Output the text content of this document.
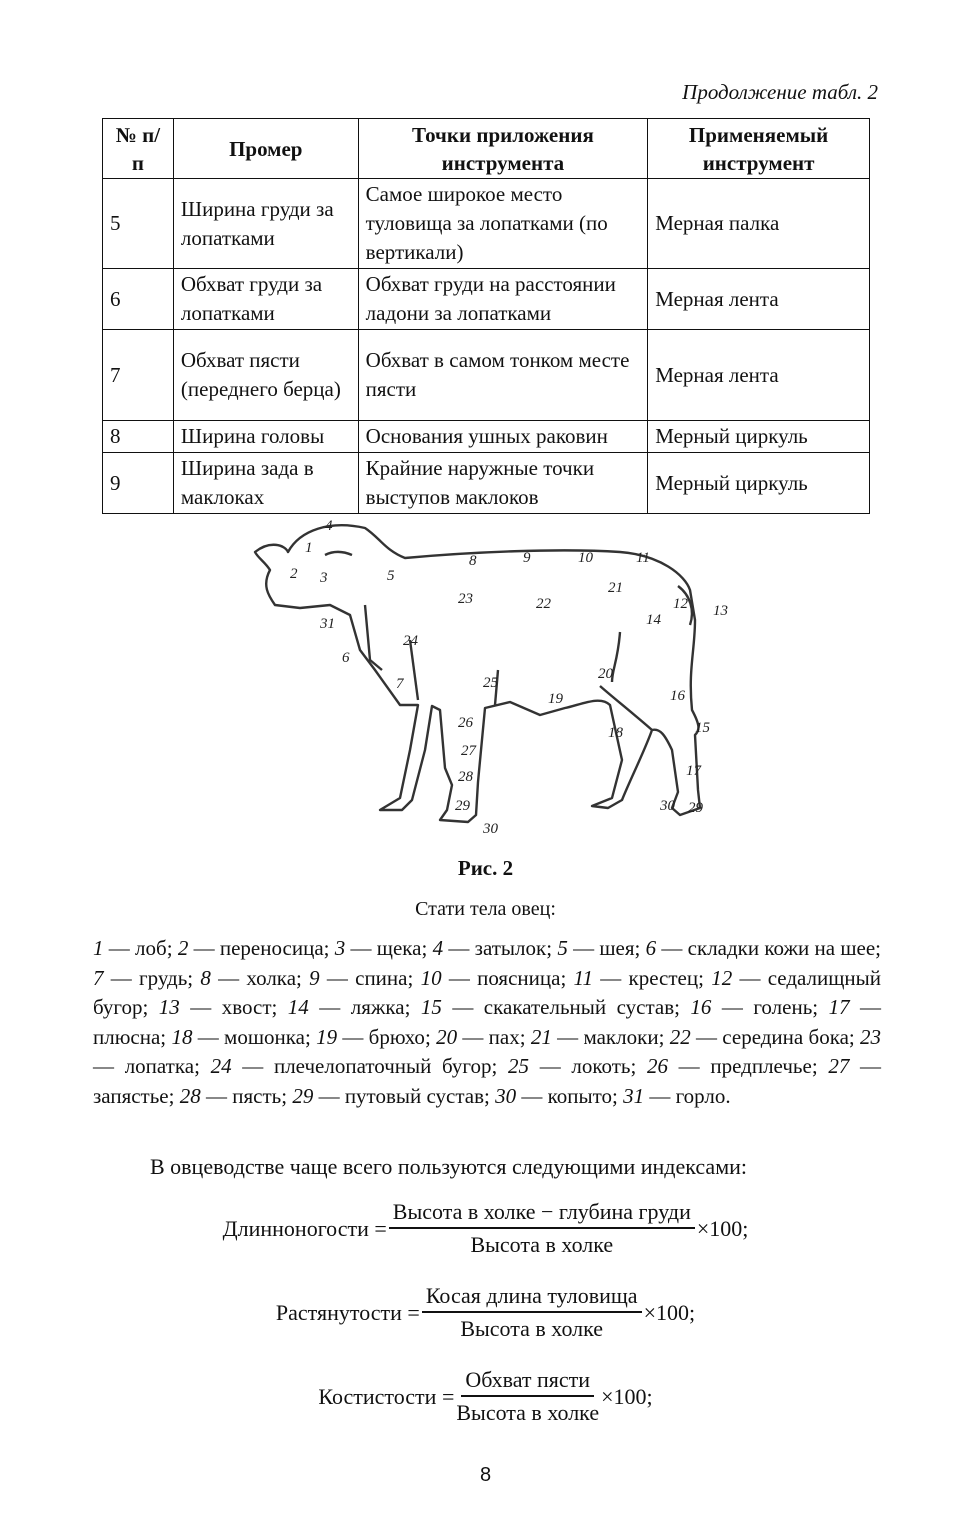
Продолжение табл. 2
№ п/п	Промер	Точки приложения инструмента	Применяемый инструмент
5	Ширина груди за лопатками	Самое широкое место туловища за лопатками (по вертикали)	Мерная палка
6	Обхват груди за лопатками	Обхват груди на расстоянии ладони за лопатками	Мерная лента
7	Обхват пясти (переднего берца)	Обхват в самом тонком месте пясти	Мерная лента
8	Ширина головы	Основания ушных раковин	Мерный циркуль
9	Ширина зада в маклоках	Крайние наружные точки выступов маклоков	Мерный циркуль
4
1
2 3	5
8	9	10	11
23	22
21
12 13
14
31
24
6
7	25
20
19	16
15
26
18
27
17
28
29	30 29
30
Рис. 2
Стати тела овец:
1 — лоб; 2 — переносица; 3 — щека; 4 — затылок; 5 — шея; 6 — складки кожи на шее; 7 — грудь; 8 — холка; 9 — спина; 10 — поясница; 11 — крестец; 12 — седалищный бугор; 13 — хвост; 14 — ляжка; 15 — скакательный сустав; 16 — голень; 17 — плюсна; 18 — мошонка; 19 — брюхо; 20 — пах; 21 — маклоки; 22 — середина бока; 23 — лопатка; 24 — плечелопаточный бугор; 25 — локоть; 26 — предплечье; 27 — запястье; 28 — пясть; 29 — путовый сустав; 30 — копыто; 31 — горло.
В овцеводстве чаще всего пользуются следующими индексами:
Длинноногости = $\frac{\text{Высота в холке − глубина груди}}{\text{Высота в холке}} \times 100$;
Растянутости = $\frac{\text{Косая длина туловища}}{\text{Высота в холке}} \times 100$;
Костистости = $\frac{\text{Обхват пясти}}{\text{Высота в холке}} \times 100$;
8
